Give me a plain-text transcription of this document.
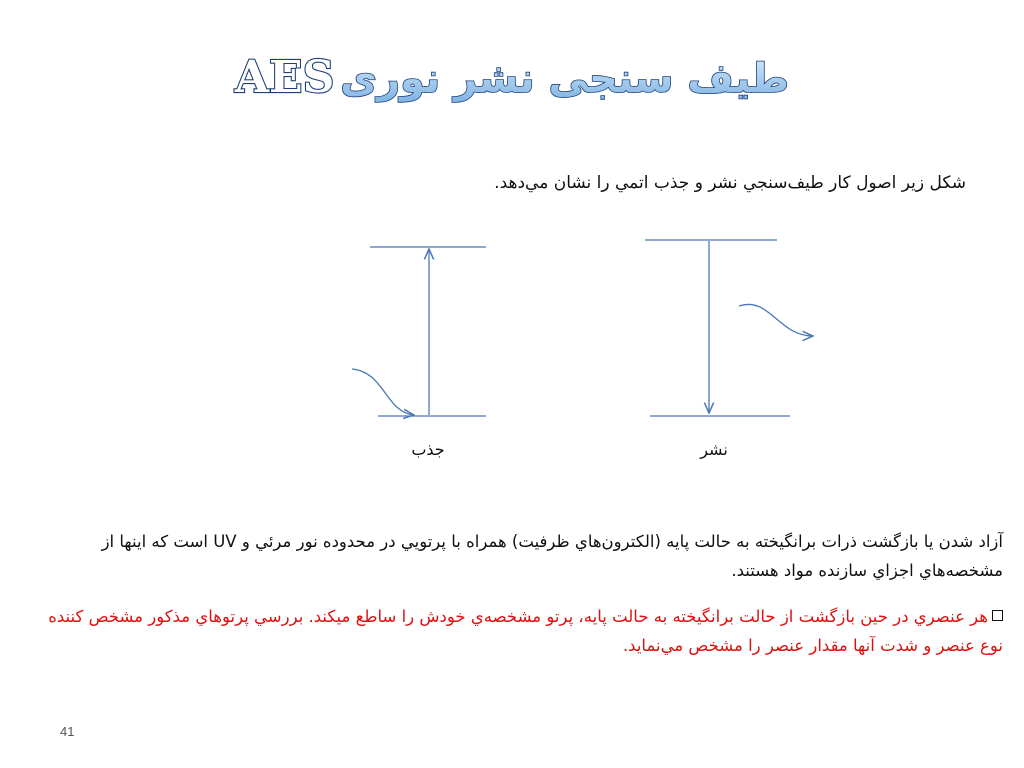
طیف سنجی نشر نوری AES
شکل زیر اصول کار طیف‌سنجي نشر و جذب اتمي را نشان مي‌دهد.
جذب	نشر
آزاد شدن يا بازگشت ذرات برانگيخته به حالت پايه (الکترون‌هاي ظرفيت) همراه با پرتويي در محدوده نور مرئي و UV است که اينها از مشخصه‌هاي اجزاي سازنده مواد هستند.
هر عنصري در حين بازگشت از حالت برانگيخته به حالت پايه، پرتو مشخصه‌ي خودش را ساطع ميكند. بررسي پرتوهاي مذكور مشخص کننده نوع عنصر و شدت آنها مقدار عنصر را مشخص مي‌نمايد.
41
